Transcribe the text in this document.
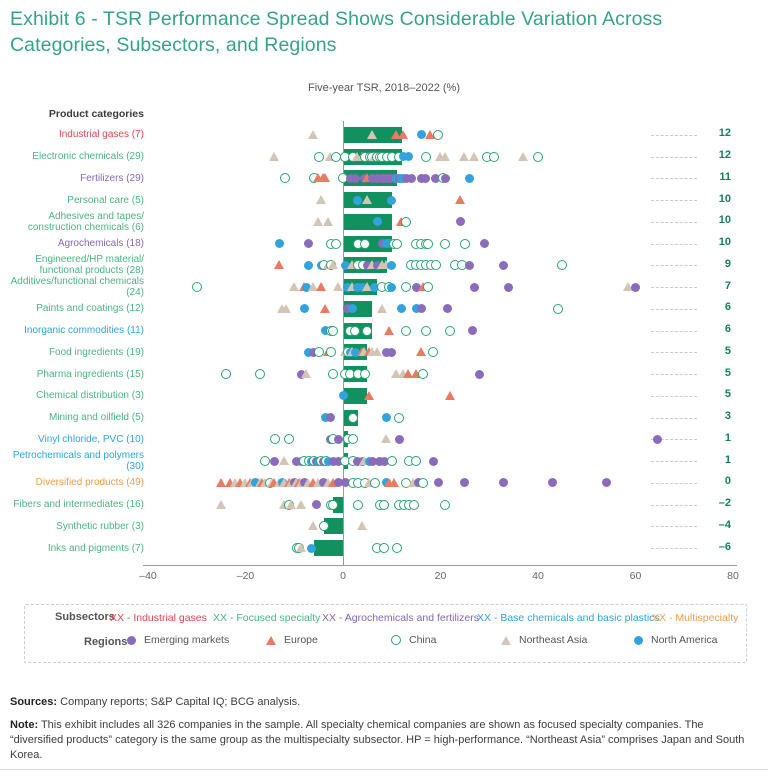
Exhibit 6 - TSR Performance Spread Shows Considerable Variation Across Categories, Subsectors, and Regions
Five-year TSR, 2018–2022 (%)
Product categories
Industrial gases (7)	12
Electronic chemicals (29)	12
Fertilizers (29)	11
Personal care (5)	10
Adhesives and tapes/​construction chemicals (6)
10
Agrochemicals (18)	10
Engineered/​HP material/​functional products (28)
9
Additives/​functional chemicals (24)
7
Paints and coatings (12)	6
Inorganic commodities (11)	6
Food ingredients (19)	5
Pharma ingredients (15)	5
Chemical distribution (3)	5
Mining and oilfield (5)	3
Vinyl chloride, PVC (10)	1
Petrochemicals and polymers (30)
1
Diversified products (49)	0
Fibers and intermediates (16)	–2
Synthetic rubber (3)	–4
Inks and pigments (7)	–6
–40	–20	0	20	40	60	80
Subsectors
Regions
XX - Industrial gases XX - Focused specialty XX - Agrochemicals and fertilizers
XX - Base chemicals and basic plastics
XX - Multispecialty
Emerging markets	Europe	China	Northeast Asia	North America

Sources: Company reports; S&P Capital IQ; BCG analysis.

Note: This exhibit includes all 326 companies in the sample. All specialty chemical companies are shown as focused specialty companies. The “diversified products” category is the same group as the multispecialty subsector. HP = high-performance. “Northeast Asia” comprises Japan and South Korea.
